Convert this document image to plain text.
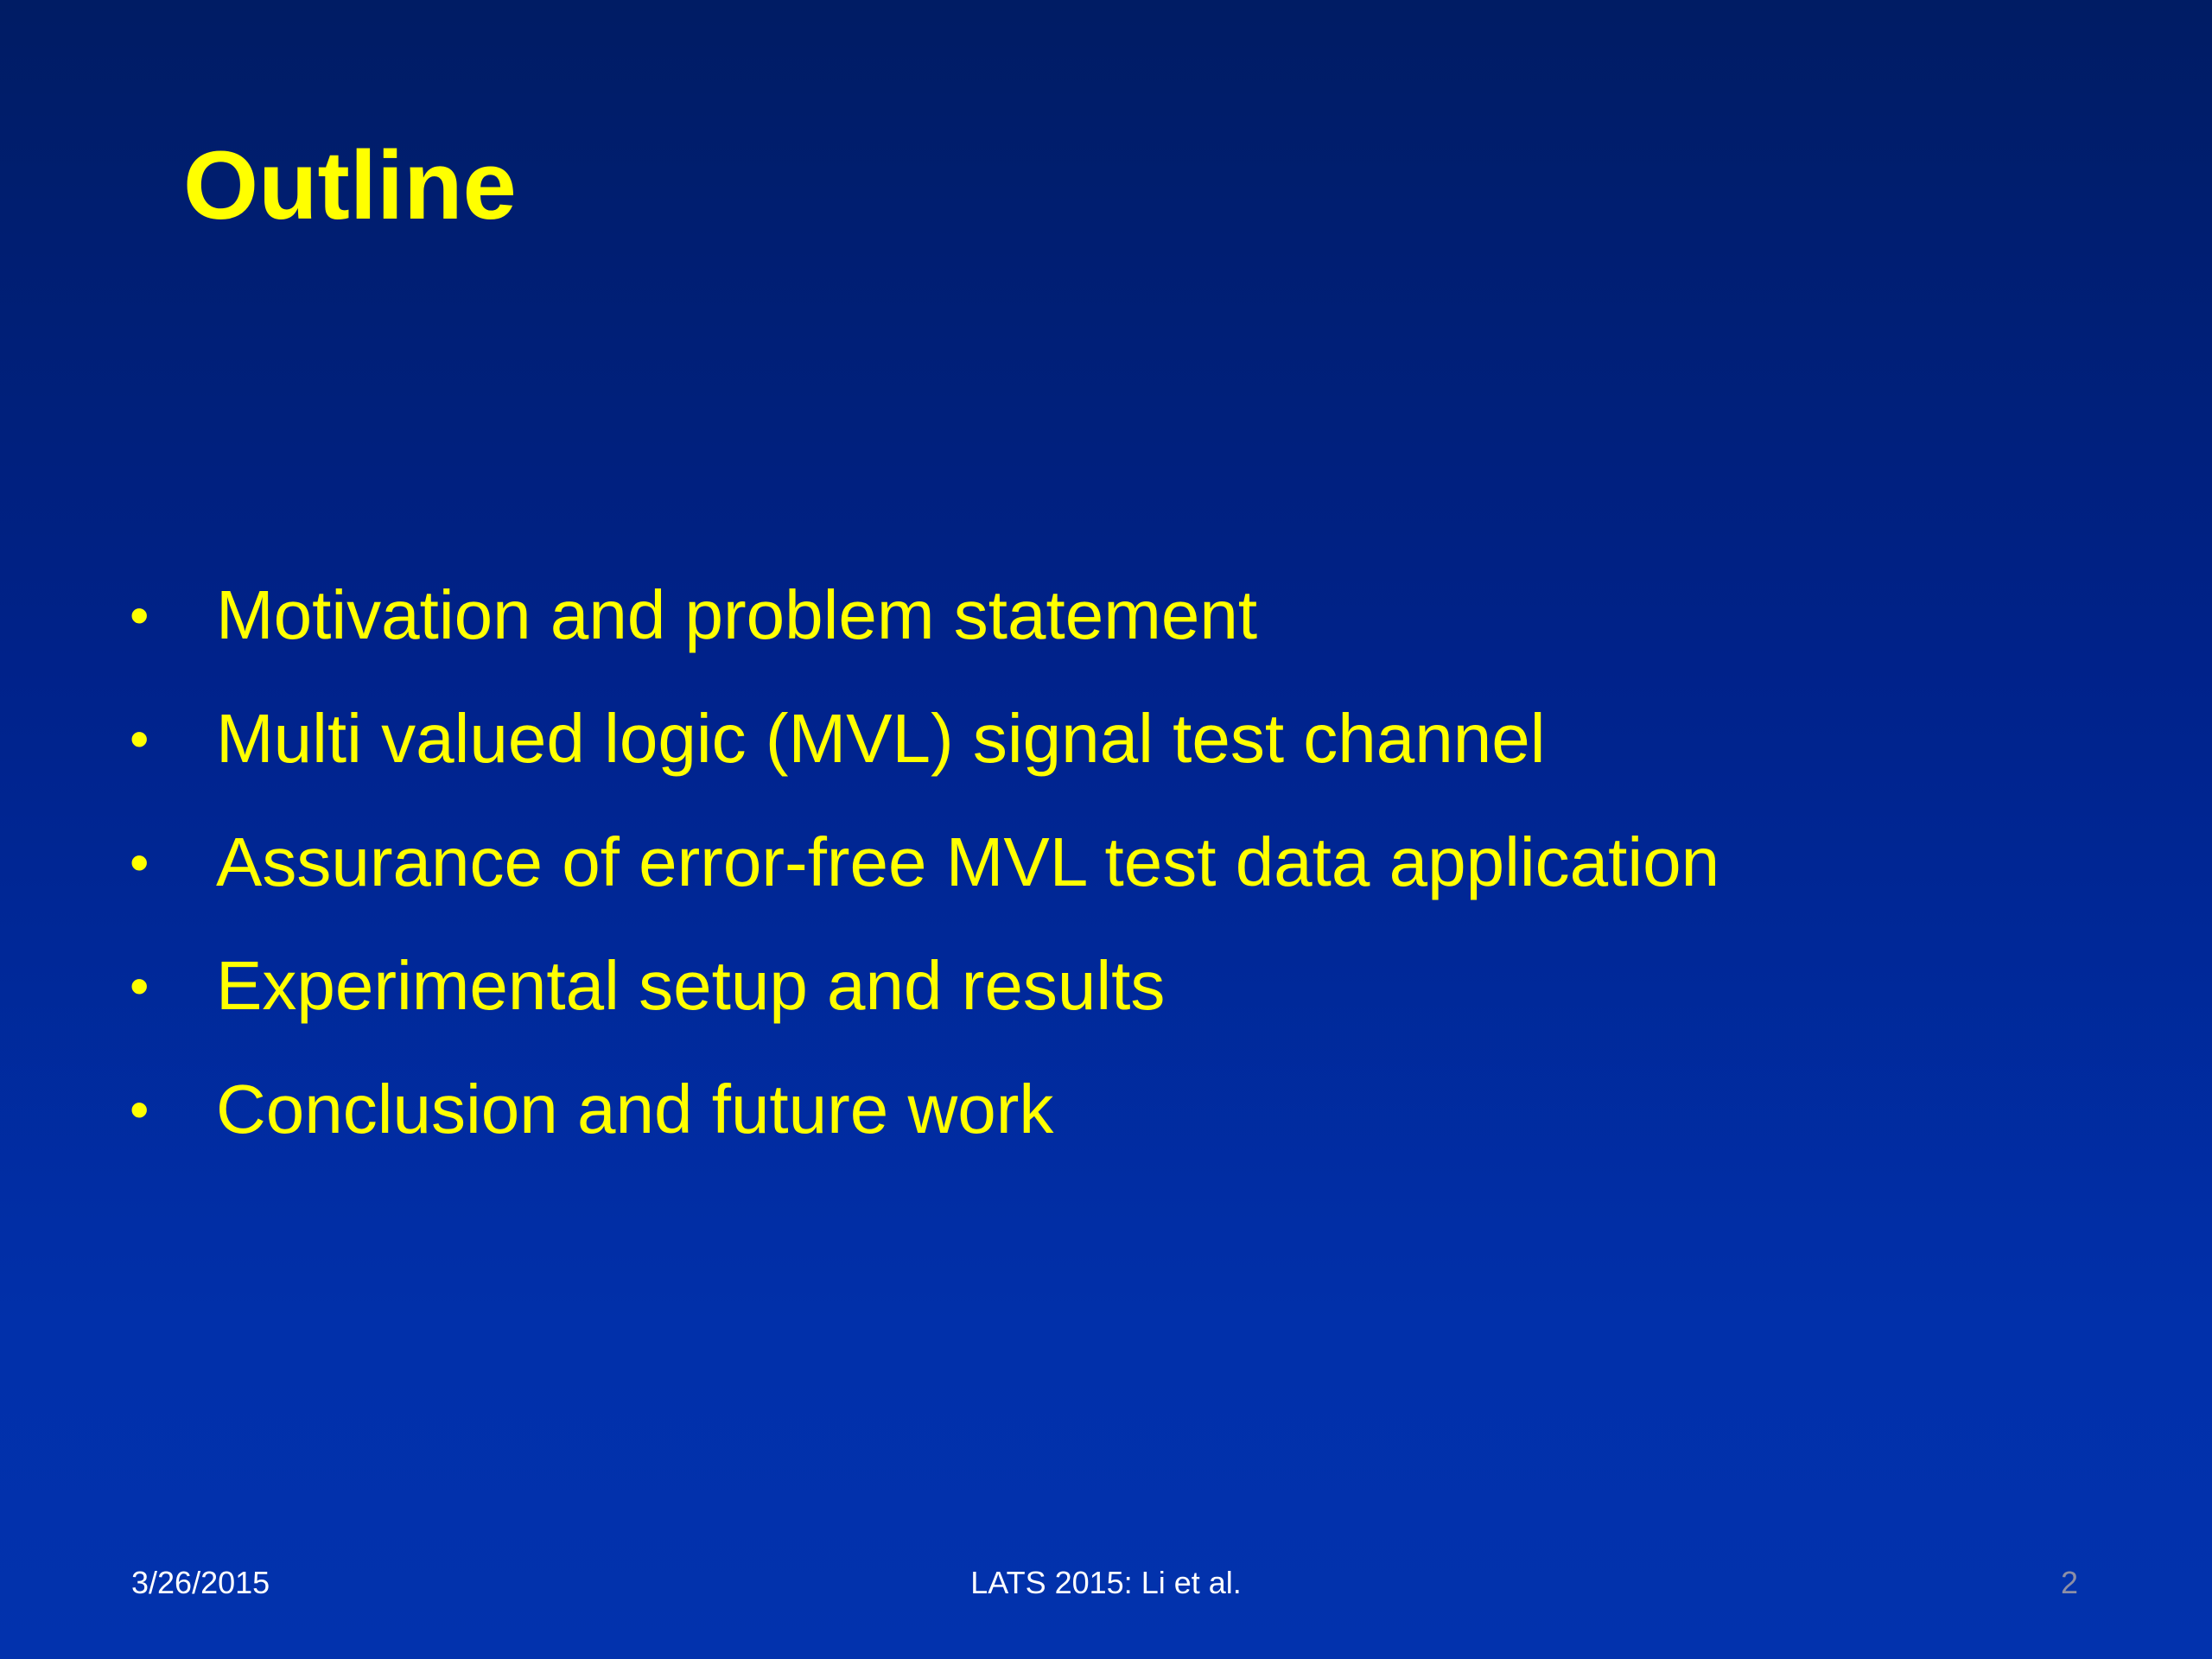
Outline
• Motivation and problem statement
• Multi valued logic (MVL) signal test channel
• Assurance of error-free MVL test data application
• Experimental setup and results
• Conclusion and future work
3/26/2015	LATS 2015: Li et al.	2
